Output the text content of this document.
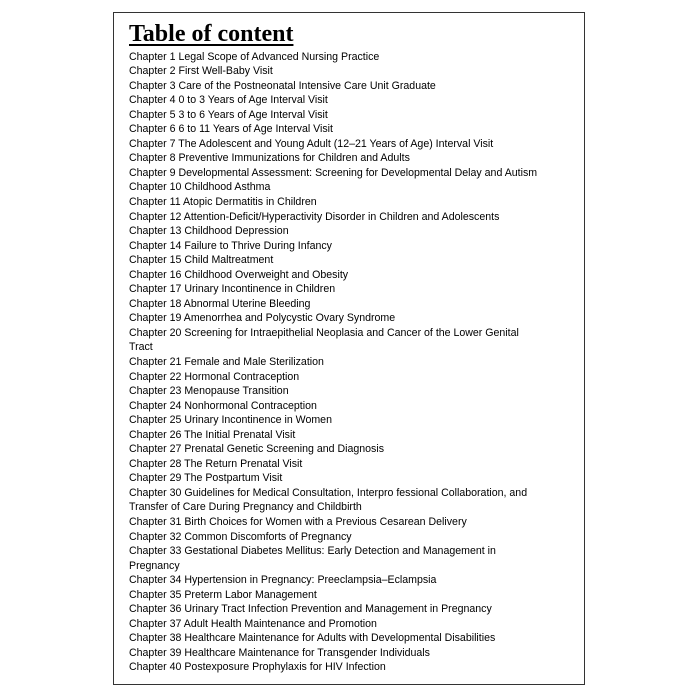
Table of content
Chapter 1 Legal Scope of Advanced Nursing Practice
Chapter 2 First Well-Baby Visit
Chapter 3 Care of the Postneonatal Intensive Care Unit Graduate
Chapter 4 0 to 3 Years of Age Interval Visit
Chapter 5 3 to 6 Years of Age Interval Visit
Chapter 6 6 to 11 Years of Age Interval Visit
Chapter 7 The Adolescent and Young Adult (12–21 Years of Age) Interval Visit
Chapter 8 Preventive Immunizations for Children and Adults
Chapter 9 Developmental Assessment: Screening for Developmental Delay and Autism
Chapter 10 Childhood Asthma
Chapter 11 Atopic Dermatitis in Children
Chapter 12 Attention-Deficit/Hyperactivity Disorder in Children and Adolescents
Chapter 13 Childhood Depression
Chapter 14 Failure to Thrive During Infancy
Chapter 15 Child Maltreatment
Chapter 16 Childhood Overweight and Obesity
Chapter 17 Urinary Incontinence in Children
Chapter 18 Abnormal Uterine Bleeding
Chapter 19 Amenorrhea and Polycystic Ovary Syndrome
Chapter 20 Screening for Intraepithelial Neoplasia and Cancer of the Lower Genital
Tract
Chapter 21 Female and Male Sterilization
Chapter 22 Hormonal Contraception
Chapter 23 Menopause Transition
Chapter 24 Nonhormonal Contraception
Chapter 25 Urinary Incontinence in Women
Chapter 26 The Initial Prenatal Visit
Chapter 27 Prenatal Genetic Screening and Diagnosis
Chapter 28 The Return Prenatal Visit
Chapter 29 The Postpartum Visit
Chapter 30 Guidelines for Medical Consultation, Interpro fessional Collaboration, and
Transfer of Care During Pregnancy and Childbirth
Chapter 31 Birth Choices for Women with a Previous Cesarean Delivery
Chapter 32 Common Discomforts of Pregnancy
Chapter 33 Gestational Diabetes Mellitus: Early Detection and Management in
Pregnancy
Chapter 34 Hypertension in Pregnancy: Preeclampsia–Eclampsia
Chapter 35 Preterm Labor Management
Chapter 36 Urinary Tract Infection Prevention and Management in Pregnancy
Chapter 37 Adult Health Maintenance and Promotion
Chapter 38 Healthcare Maintenance for Adults with Developmental Disabilities
Chapter 39 Healthcare Maintenance for Transgender Individuals
Chapter 40 Postexposure Prophylaxis for HIV Infection
